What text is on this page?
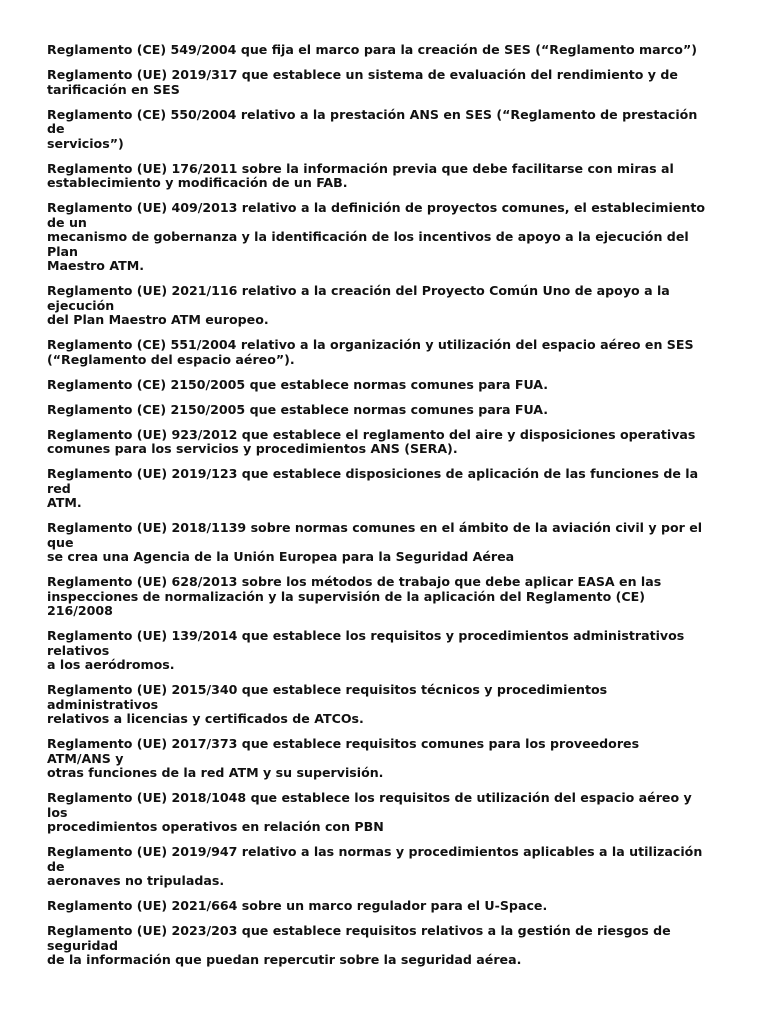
Reglamento (CE) 549/2004 que fija el marco para la creación de SES (“Reglamento marco”)

Reglamento (UE) 2019/317 que establece un sistema de evaluación del rendimiento y de
tarificación en SES

Reglamento (CE) 550/2004 relativo a la prestación ANS en SES (“Reglamento de prestación
de
servicios”)

Reglamento (UE) 176/2011 sobre la información previa que debe facilitarse con miras al
establecimiento y modificación de un FAB.

Reglamento (UE) 409/2013 relativo a la definición de proyectos comunes, el establecimiento
de un
mecanismo de gobernanza y la identificación de los incentivos de apoyo a la ejecución del
Plan
Maestro ATM.

Reglamento (UE) 2021/116 relativo a la creación del Proyecto Común Uno de apoyo a la
ejecución
del Plan Maestro ATM europeo.

Reglamento (CE) 551/2004 relativo a la organización y utilización del espacio aéreo en SES
(“Reglamento del espacio aéreo”).

Reglamento (CE) 2150/2005 que establece normas comunes para FUA.

Reglamento (CE) 2150/2005 que establece normas comunes para FUA.

Reglamento (UE) 923/2012 que establece el reglamento del aire y disposiciones operativas
comunes para los servicios y procedimientos ANS (SERA).

Reglamento (UE) 2019/123 que establece disposiciones de aplicación de las funciones de la
red
ATM.

Reglamento (UE) 2018/1139 sobre normas comunes en el ámbito de la aviación civil y por el
que
se crea una Agencia de la Unión Europea para la Seguridad Aérea

Reglamento (UE) 628/2013 sobre los métodos de trabajo que debe aplicar EASA en las
inspecciones de normalización y la supervisión de la aplicación del Reglamento (CE)
216/2008

Reglamento (UE) 139/2014 que establece los requisitos y procedimientos administrativos
relativos
a los aeródromos.

Reglamento (UE) 2015/340 que establece requisitos técnicos y procedimientos
administrativos
relativos a licencias y certificados de ATCOs.

Reglamento (UE) 2017/373 que establece requisitos comunes para los proveedores
ATM/ANS y
otras funciones de la red ATM y su supervisión.

Reglamento (UE) 2018/1048 que establece los requisitos de utilización del espacio aéreo y
los
procedimientos operativos en relación con PBN

Reglamento (UE) 2019/947 relativo a las normas y procedimientos aplicables a la utilización
de
aeronaves no tripuladas.

Reglamento (UE) 2021/664 sobre un marco regulador para el U-Space.

Reglamento (UE) 2023/203 que establece requisitos relativos a la gestión de riesgos de
seguridad
de la información que puedan repercutir sobre la seguridad aérea.
